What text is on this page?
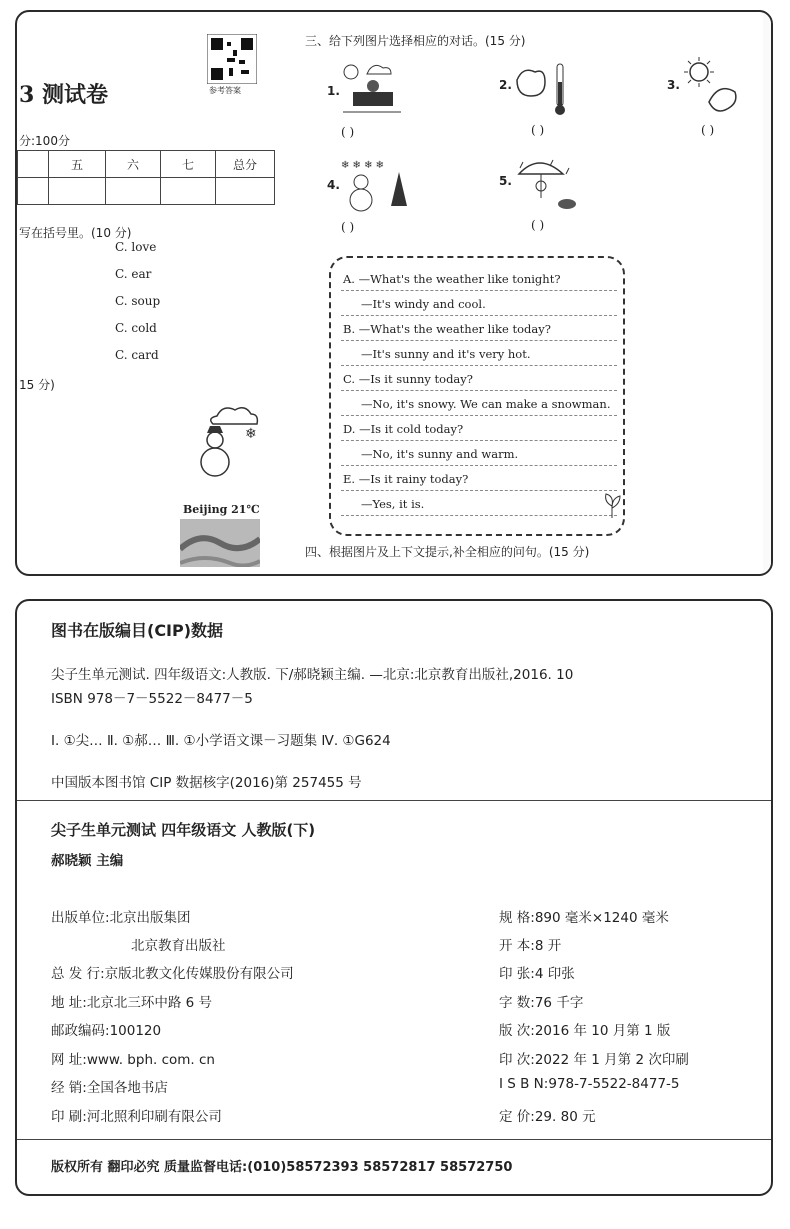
3 测试卷
分:100分
	五	六	七	总分

写在括号里。(10 分)
C. love
C. ear
C. soup
C. cold
C. card
15 分)
❄
Beijing 21℃
参考答案
三、给下列图片选择相应的对话。(15 分)
1.	2.	3.
4.	5.
❄ ❄ ❄ ❄
( )	( )	( )
( )	( )
四、根据图片及上下文提示,补全相应的问句。(15 分)
A. —What's the weather like tonight?
—It's windy and cool.
B. —What's the weather like today?
—It's sunny and it's very hot.
C. —Is it sunny today?
—No, it's snowy. We can make a snowman.
D. —Is it cold today?
—No, it's sunny and warm.
E. —Is it rainy today?
—Yes, it is.
图书在版编目(CIP)数据
尖子生单元测试. 四年级语文:人教版. 下/郝晓颖主编. —北京:北京教育出版社,2016. 10
ISBN 978－7－5522－8477－5
Ⅰ. ①尖… Ⅱ. ①郝… Ⅲ. ①小学语文课－习题集 Ⅳ. ①G624
中国版本图书馆 CIP 数据核字(2016)第 257455 号
尖子生单元测试 四年级语文 人教版(下)
郝晓颖 主编
出版单位:北京出版集团
北京教育出版社
总 发 行:京版北教文化传媒股份有限公司
地 址:北京北三环中路 6 号
邮政编码:100120
网 址:www. bph. com. cn
经 销:全国各地书店
印 刷:河北照利印刷有限公司
规 格:890 毫米×1240 毫米
开 本:8 开
印 张:4 印张
字 数:76 千字
版 次:2016 年 10 月第 1 版
印 次:2022 年 1 月第 2 次印刷
I S B N:978-7-5522-8477-5
定 价:29. 80 元
版权所有 翻印必究 质量监督电话:(010)58572393 58572817 58572750
